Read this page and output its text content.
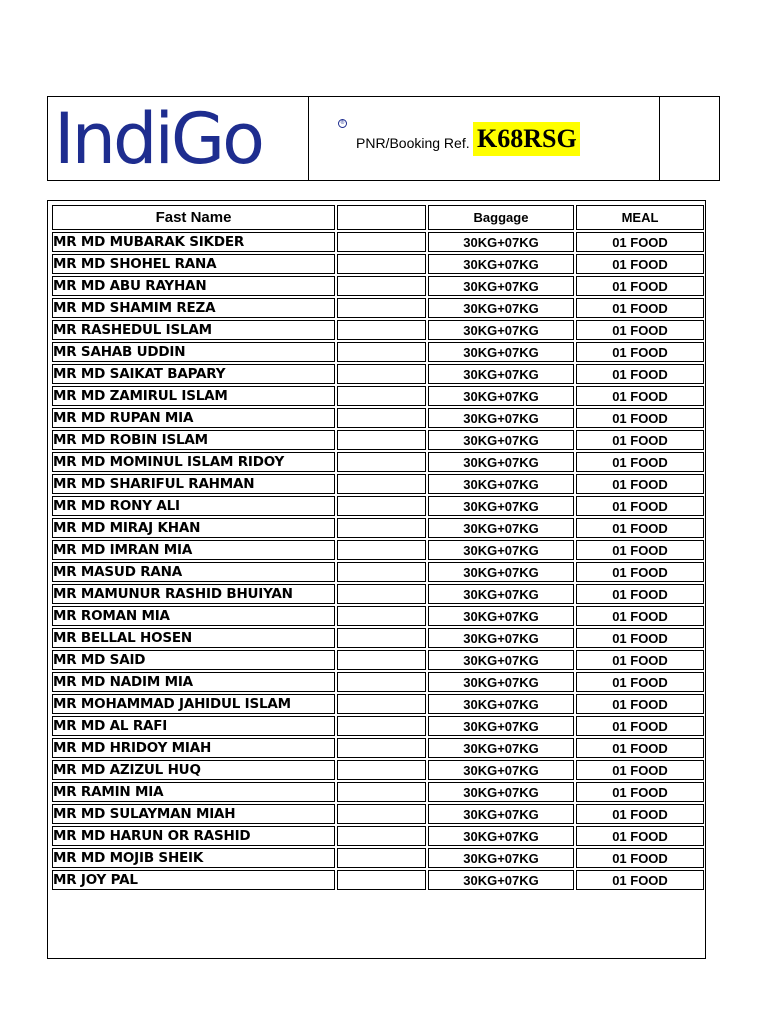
IndiGo	®
PNR/Booking Ref. K68RSG
Fast Name		Baggage	MEAL
MR MD MUBARAK SIKDER		30KG+07KG	01 FOOD
MR MD SHOHEL RANA		30KG+07KG	01 FOOD
MR MD ABU RAYHAN		30KG+07KG	01 FOOD
MR MD SHAMIM REZA		30KG+07KG	01 FOOD
MR RASHEDUL ISLAM		30KG+07KG	01 FOOD
MR SAHAB UDDIN		30KG+07KG	01 FOOD
MR MD SAIKAT BAPARY		30KG+07KG	01 FOOD
MR MD ZAMIRUL ISLAM		30KG+07KG	01 FOOD
MR MD RUPAN MIA		30KG+07KG	01 FOOD
MR MD ROBIN ISLAM		30KG+07KG	01 FOOD
MR MD MOMINUL ISLAM RIDOY		30KG+07KG	01 FOOD
MR MD SHARIFUL RAHMAN		30KG+07KG	01 FOOD
MR MD RONY ALI		30KG+07KG	01 FOOD
MR MD MIRAJ KHAN		30KG+07KG	01 FOOD
MR MD IMRAN MIA		30KG+07KG	01 FOOD
MR MASUD RANA		30KG+07KG	01 FOOD
MR MAMUNUR RASHID BHUIYAN		30KG+07KG	01 FOOD
MR ROMAN MIA		30KG+07KG	01 FOOD
MR BELLAL HOSEN		30KG+07KG	01 FOOD
MR MD SAID		30KG+07KG	01 FOOD
MR MD NADIM MIA		30KG+07KG	01 FOOD
MR MOHAMMAD JAHIDUL ISLAM		30KG+07KG	01 FOOD
MR MD AL RAFI		30KG+07KG	01 FOOD
MR MD HRIDOY MIAH		30KG+07KG	01 FOOD
MR MD AZIZUL HUQ		30KG+07KG	01 FOOD
MR RAMIN MIA		30KG+07KG	01 FOOD
MR MD SULAYMAN MIAH		30KG+07KG	01 FOOD
MR MD HARUN OR RASHID		30KG+07KG	01 FOOD
MR MD MOJIB SHEIK		30KG+07KG	01 FOOD
MR JOY PAL		30KG+07KG	01 FOOD
